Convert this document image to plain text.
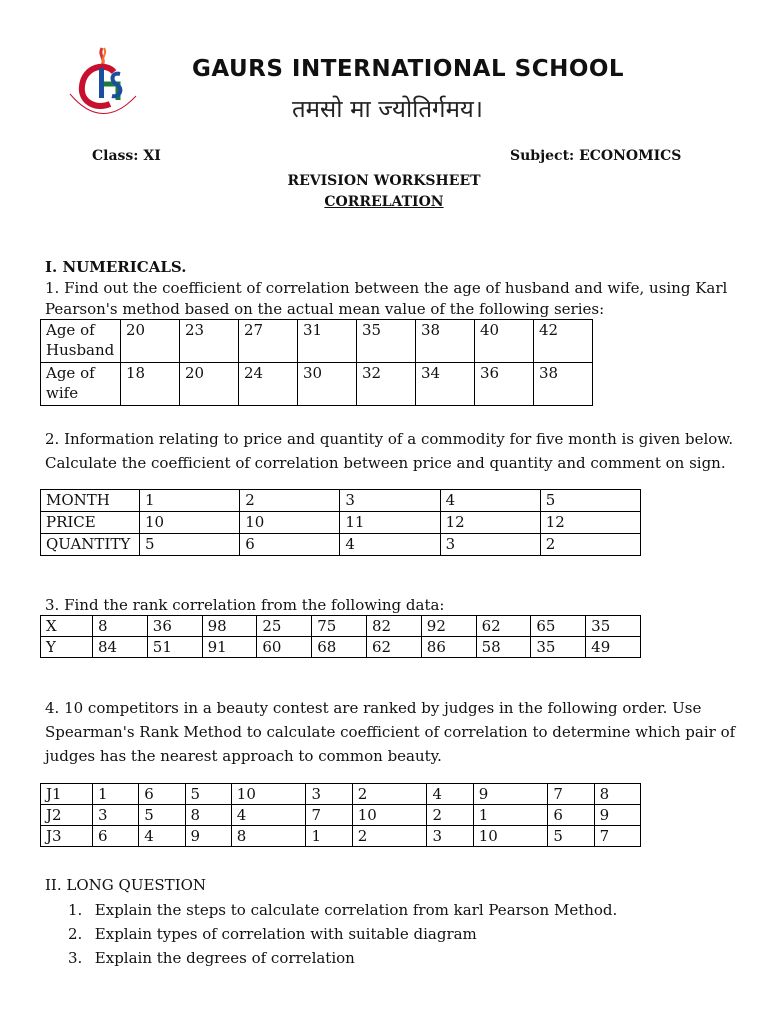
GAURS INTERNATIONAL SCHOOL
तमसो मा ज्योतिर्गमय।
Class: XI	Subject: ECONOMICS
REVISION WORKSHEET
CORRELATION
I. NUMERICALS.
1. Find out the coefficient of correlation between the age of husband and wife, using Karl
Pearson's method based on the actual mean value of the following series:
Age of
Husband	20	23	27	31	35	38	40	42

Age of
wife	18	20	24	30	32	34	36	38
2. Information relating to price and quantity of a commodity for five month is given below.
Calculate the coefficient of correlation between price and quantity and comment on sign.
MONTH	1	2	3	4	5
PRICE	10	10	11	12	12
QUANTITY	5	6	4	3	2
3. Find the rank correlation from the following data:
X	8	36	98	25	75	82	92	62	65	35
Y	84	51	91	60	68	62	86	58	35	49
4. 10 competitors in a beauty contest are ranked by judges in the following order. Use
Spearman's Rank Method to calculate coefficient of correlation to determine which pair of
judges has the nearest approach to common beauty.
J1	1	6	5	10	3	2	4	9	7	8
J2	3	5	8	4	7	10	2	1	6	9
J3	6	4	9	8	1	2	3	10	5	7
II. LONG QUESTION
1. Explain the steps to calculate correlation from karl Pearson Method.
2. Explain types of correlation with suitable diagram
3. Explain the degrees of correlation
